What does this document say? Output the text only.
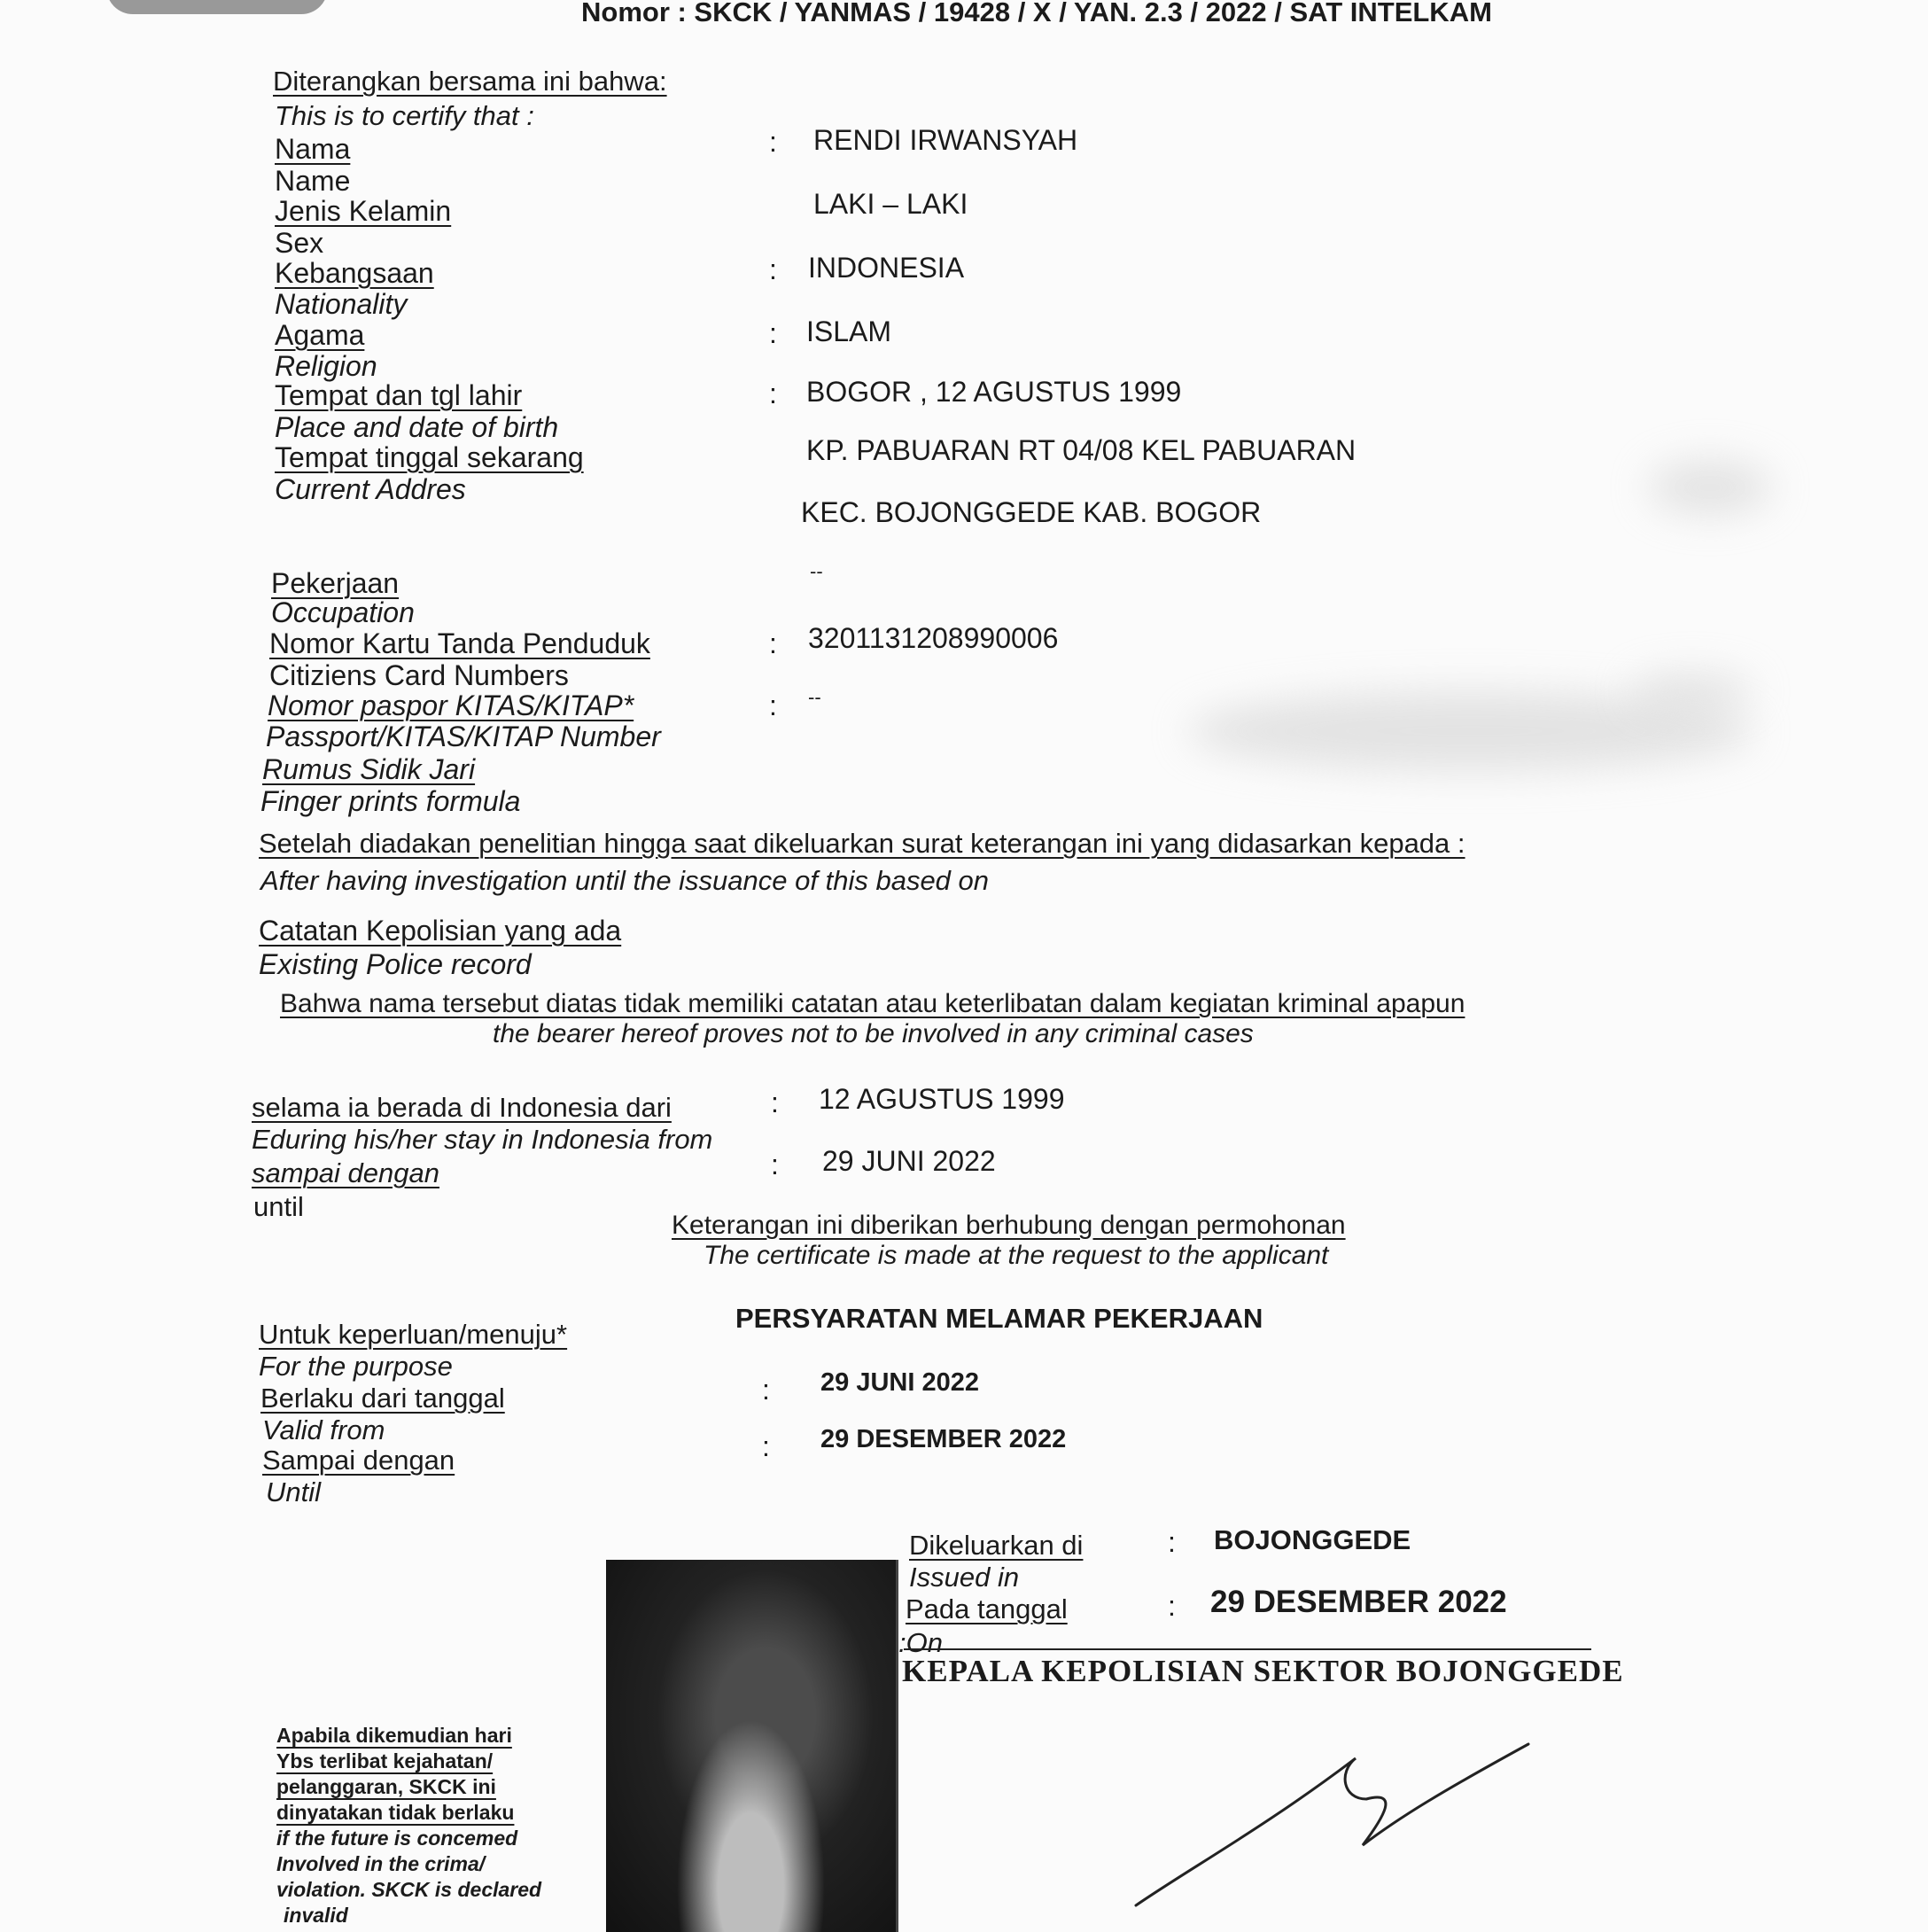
Nomor : SKCK / YANMAS / 19428 / X / YAN. 2.3 / 2022 / SAT INTELKAM
Diterangkan bersama ini bahwa:
This is to certify that :
Nama
Name
: RENDI IRWANSYAH
Jenis Kelamin
Sex
LAKI – LAKI
Kebangsaan
Nationality
: INDONESIA
Agama
Religion
: ISLAM
Tempat dan tgl lahir
Place and date of birth
: BOGOR , 12 AGUSTUS 1999
Tempat tinggal sekarang
Current Addres
KP. PABUARAN RT 04/08 KEL PABUARAN
KEC. BOJONGGEDE KAB. BOGOR
Pekerjaan
Occupation
--
Nomor Kartu Tanda Penduduk
Citiziens Card Numbers
: 3201131208990006
Nomor paspor KITAS/KITAP*
Passport/KITAS/KITAP Number
: --
Rumus Sidik Jari
Finger prints formula
Setelah diadakan penelitian hingga saat dikeluarkan surat keterangan ini yang didasarkan kepada :
After having investigation until the issuance of this based on
Catatan Kepolisian yang ada
Existing Police record
Bahwa nama tersebut diatas tidak memiliki catatan atau keterlibatan dalam kegiatan kriminal apapun
the bearer hereof proves not to be involved in any criminal cases
selama ia berada di Indonesia dari
Eduring his/her stay in Indonesia from
: 12 AGUSTUS 1999
sampai dengan
until
: 29 JUNI 2022
Keterangan ini diberikan berhubung dengan permohonan
The certificate is made at the request to the applicant
Untuk keperluan/menuju*
For the purpose
PERSYARATAN MELAMAR PEKERJAAN
Berlaku dari tanggal
Valid from
: 29 JUNI 2022
Sampai dengan
Until
: 29 DESEMBER 2022
Dikeluarkan di
Issued in
: BOJONGGEDE
Pada tanggal
:On
: 29 DESEMBER 2022
KEPALA KEPOLISIAN SEKTOR BOJONGGEDE
Apabila dikemudian hari
Ybs terlibat kejahatan/
pelanggaran, SKCK ini
dinyatakan tidak berlaku
if the future is concemed
Involved in the crima/
violation. SKCK is declared
invalid
